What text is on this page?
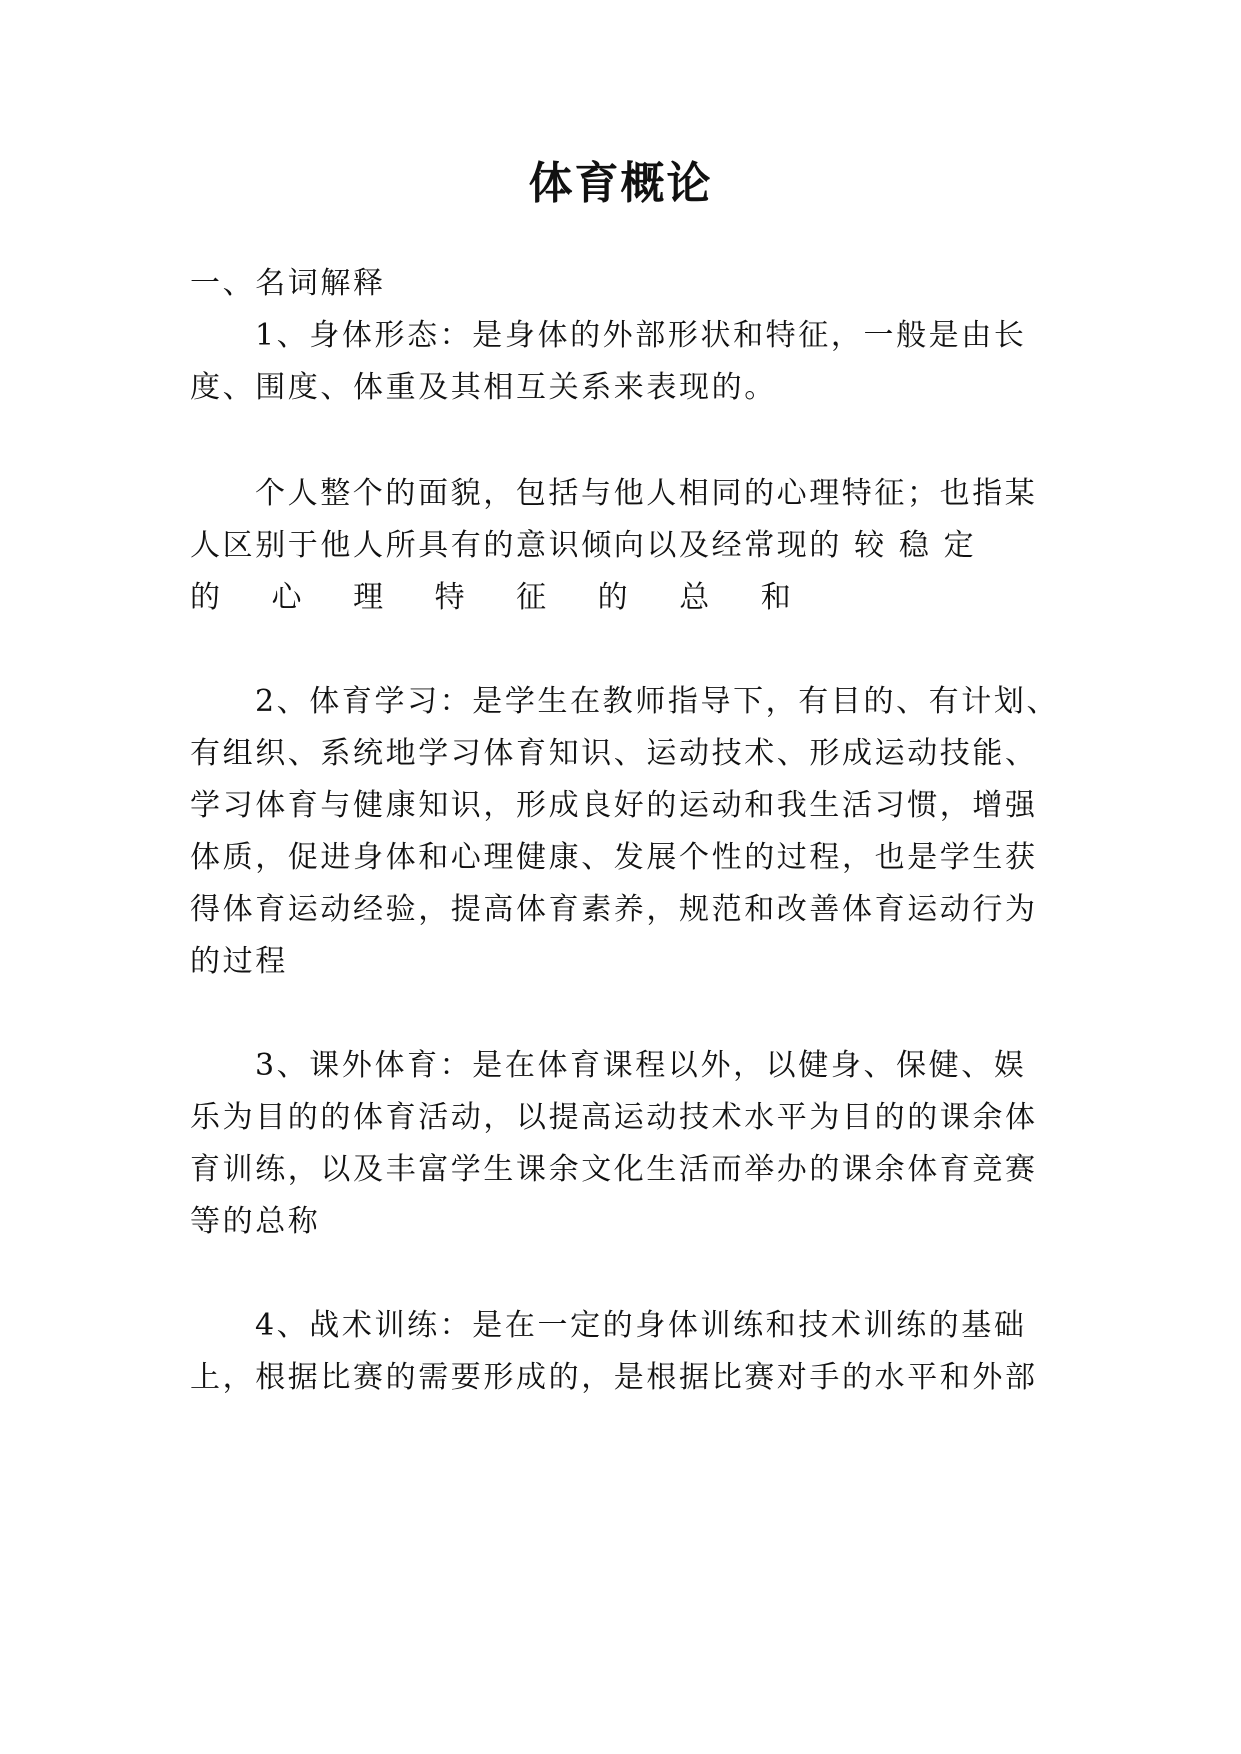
体育概论
一、名词解释
1、身体形态：是身体的外部形状和特征，一般是由长
度、围度、体重及其相互关系来表现的。
个人整个的面貌，包括与他人相同的心理特征；也指某
人区别于他人所具有的意识倾向以及经常现的 较 稳 定
的 心 理 特 征 的 总 和
2、体育学习：是学生在教师指导下，有目的、有计划、
有组织、系统地学习体育知识、运动技术、形成运动技能、
学习体育与健康知识，形成良好的运动和我生活习惯，增强
体质，促进身体和心理健康、发展个性的过程，也是学生获
得体育运动经验，提高体育素养，规范和改善体育运动行为
的过程
3、课外体育：是在体育课程以外，以健身、保健、娱
乐为目的的体育活动，以提高运动技术水平为目的的课余体
育训练，以及丰富学生课余文化生活而举办的课余体育竞赛
等的总称
4、战术训练：是在一定的身体训练和技术训练的基础
上，根据比赛的需要形成的，是根据比赛对手的水平和外部
